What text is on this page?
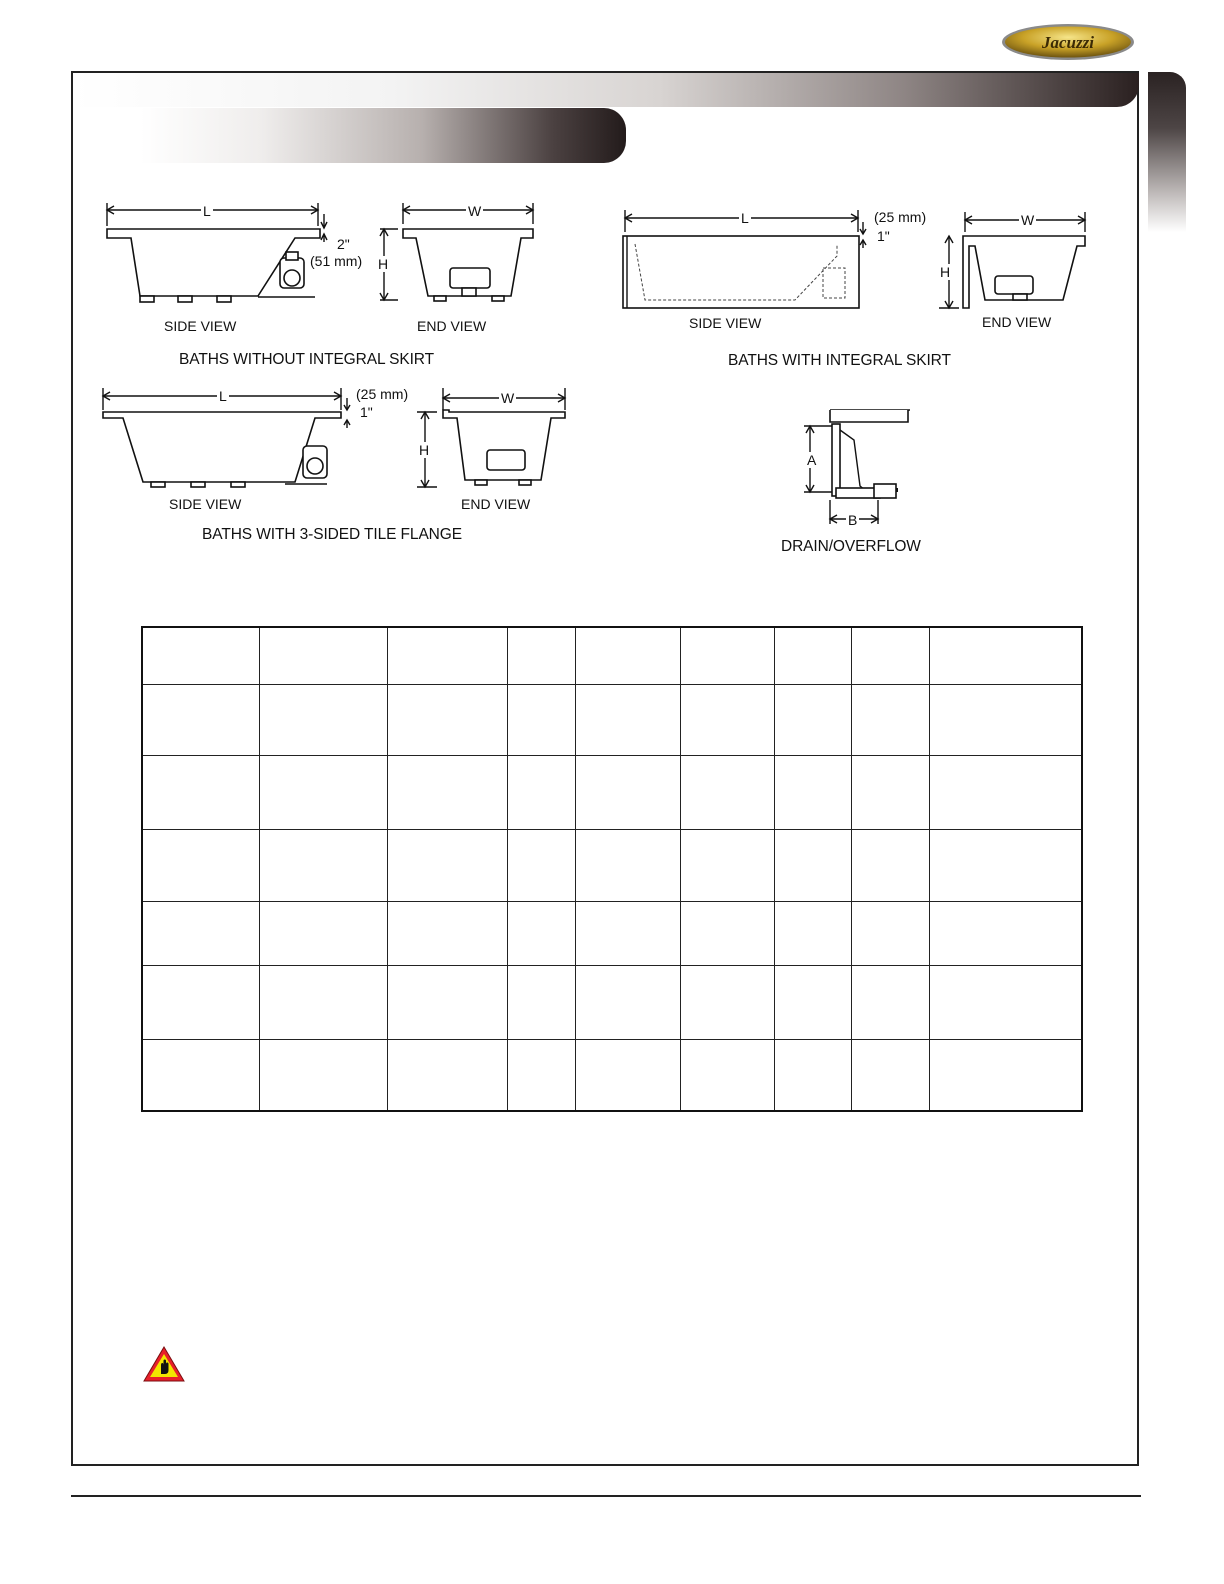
Jacuzzi
L	W
H
2"
(51 mm)
SIDE VIEW	END VIEW
BATHS WITHOUT INTEGRAL SKIRT
L	W
H
(25 mm)
1"
SIDE VIEW	END VIEW
BATHS WITH INTEGRAL SKIRT
L	W
H
(25 mm)
1"
SIDE VIEW	END VIEW
BATHS WITH 3-SIDED TILE FLANGE
A
B
DRAIN/OVERFLOW
